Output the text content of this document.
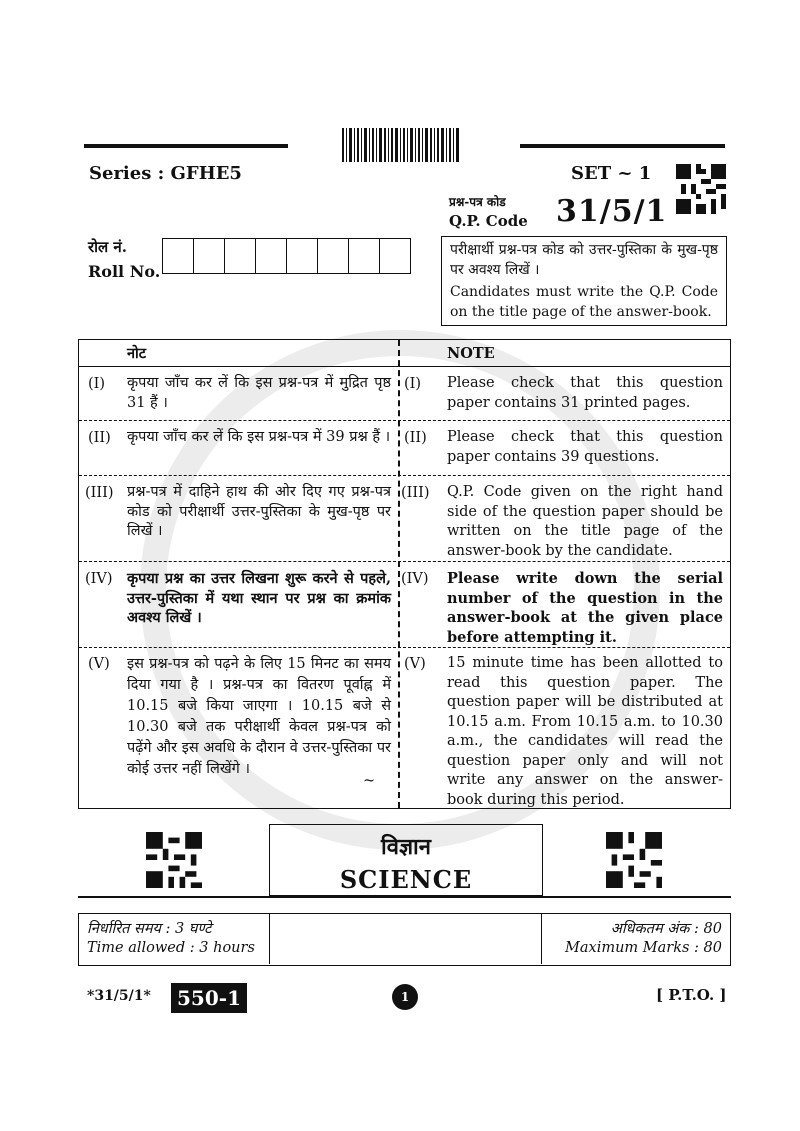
Series : GFHE5	SET ~ 1
प्रश्न-पत्र कोड
Q.P. Code 31/5/1
रोल नं.
Roll No.
परीक्षार्थी प्रश्न-पत्र कोड को उत्तर-पुस्तिका के मुख-पृष्ठ पर अवश्य लिखें ।
Candidates must write the Q.P. Code on the title page of the answer-book.
नोट	NOTE
(I) कृपया जाँच कर लें कि इस प्रश्न-पत्र में मुद्रित पृष्ठ 31 हैं ।
(I) Please check that this question paper contains 31 printed pages.
(II) कृपया जाँच कर लें कि इस प्रश्न-पत्र में 39 प्रश्न हैं । (II) Please check that this question paper contains 39 questions.
(III) प्रश्न-पत्र में दाहिने हाथ की ओर दिए गए प्रश्न-पत्र कोड को परीक्षार्थी उत्तर-पुस्तिका के मुख-पृष्ठ पर लिखें ।
(III) Q.P. Code given on the right hand side of the question paper should be written on the title page of the answer-book by the candidate.
(IV) कृपया प्रश्न का उत्तर लिखना शुरू करने से पहले, उत्तर-पुस्तिका में यथा स्थान पर प्रश्न का क्रमांक अवश्य लिखें ।
(IV) Please write down the serial number of the question in the answer-book at the given place before attempting it.
(V) इस प्रश्न-पत्र को पढ़ने के लिए 15 मिनट का समय दिया गया है । प्रश्न-पत्र का वितरण पूर्वाह्न में 10.15 बजे किया जाएगा । 10.15 बजे से 10.30 बजे तक परीक्षार्थी केवल प्रश्न-पत्र को पढ़ेंगे और इस अवधि के दौरान वे उत्तर-पुस्तिका पर कोई उत्तर नहीं लिखेंगे ।
~
(V) 15 minute time has been allotted to read this question paper. The question paper will be distributed at 10.15 a.m. From 10.15 a.m. to 10.30 a.m., the candidates will read the question paper only and will not write any answer on the answer-book during this period.
विज्ञान
SCIENCE
निर्धारित समय : 3 घण्टे
Time allowed : 3 hours
अधिकतम अंक : 80
Maximum Marks : 80
*31/5/1*	550-1	1	[ P.T.O. ]
